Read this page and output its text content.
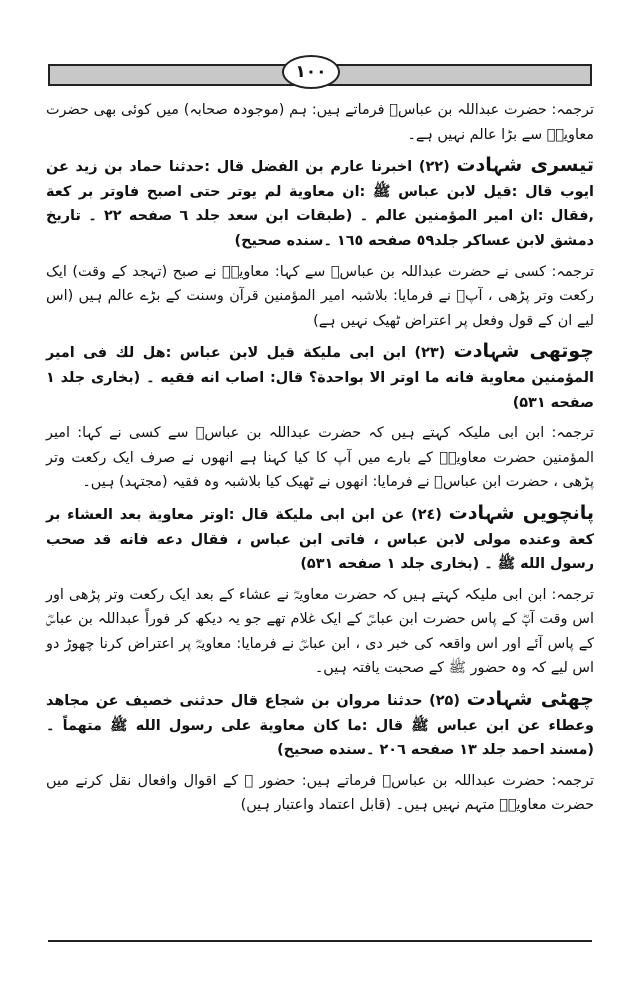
۱۰۰

ترجمہ: حضرت عبداللہ بن عباسؓ فرماتے ہیں: ہم (موجودہ صحابہ) میں کوئی بھی حضرت معاویہؓ سے بڑا عالم نہیں ہے۔

تیسری شہادت (۲۲) اخبرنا عارم بن الفضل قال :حدثنا حماد بن زید عن ایوب قال :قیل لابن عباس ﷺ :ان معاویة لم یوتر حتی اصبح فاوتر بر کعة ,فقال :ان امیر المؤمنین عالم ۔ (طبقات ابن سعد جلد ٦ صفحه ٢٢ ۔ تاریخ دمشق لابن عساکر جلد٥٩ صفحه ١٦٥ ۔سنده صحیح)

ترجمہ: کسی نے حضرت عبداللہ بن عباسؓ سے کہا: معاویہؓ نے صبح (تہجد کے وقت) ایک رکعت وتر پڑھی ، آپؓ نے فرمایا: بلاشبہ امیر المؤمنین قرآن وسنت کے بڑے عالم ہیں (اس لیے ان کے قول وفعل پر اعتراض ٹھیک نہیں ہے)

چوتھی شہادت (۲۳) ابن ابی ملیکة قیل لابن عباس :هل لك فی امیر المؤمنین معاویة فانه ما اوتر الا بواحدة؟ قال: اصاب انه فقیه ۔ (بخاری جلد ۱ صفحه ۵۳۱)

ترجمہ: ابن ابی ملیکہ کہتے ہیں کہ حضرت عبداللہ بن عباسؓ سے کسی نے کہا: امیر المؤمنین حضرت معاویہؓ کے بارے میں آپ کا کیا کہنا ہے انھوں نے صرف ایک رکعت وتر پڑھی ، حضرت ابن عباسؓ نے فرمایا: انھوں نے ٹھیک کیا بلاشبہ وہ فقیہ (مجتہد) ہیں۔

پانچویں شہادت (۲٤) عن ابن ابی ملیکة قال :اوتر معاویة بعد العشاء بر کعة وعنده مولی لابن عباس ، فاتی ابن عباس ، فقال دعه فانه قد صحب رسول الله ﷺ ۔ (بخاری جلد ۱ صفحه ۵۳۱)

ترجمہ: ابن ابی ملیکہ کہتے ہیں کہ حضرت معاویہؓ نے عشاء کے بعد ایک رکعت وتر پڑھی اور اس وقت آپؓ کے پاس حضرت ابن عباسؓ کے ایک غلام تھے جو یہ دیکھ کر فوراً عبداللہ بن عباسؓ کے پاس آئے اور اس واقعہ کی خبر دی ، ابن عباسؓ نے فرمایا: معاویہؓ پر اعتراض کرنا چھوڑ دو اس لیے کہ وہ حضور ﷺ کے صحبت یافتہ ہیں۔

چھٹی شہادت (۲۵) حدثنا مروان بن شجاع قال حدثنی خصیف عن مجاهد وعطاء عن ابن عباس ﷺ قال :ما کان معاویة علی رسول الله ﷺ متهماً ۔ (مسند احمد جلد ۱۳ صفحه ۲۰٦ ۔سنده صحیح)

ترجمہ: حضرت عبداللہ بن عباسؓ فرماتے ہیں: حضور ﷺ کے اقوال وافعال نقل کرنے میں حضرت معاویہؓ متہم نہیں ہیں۔ (قابل اعتماد واعتبار ہیں)
